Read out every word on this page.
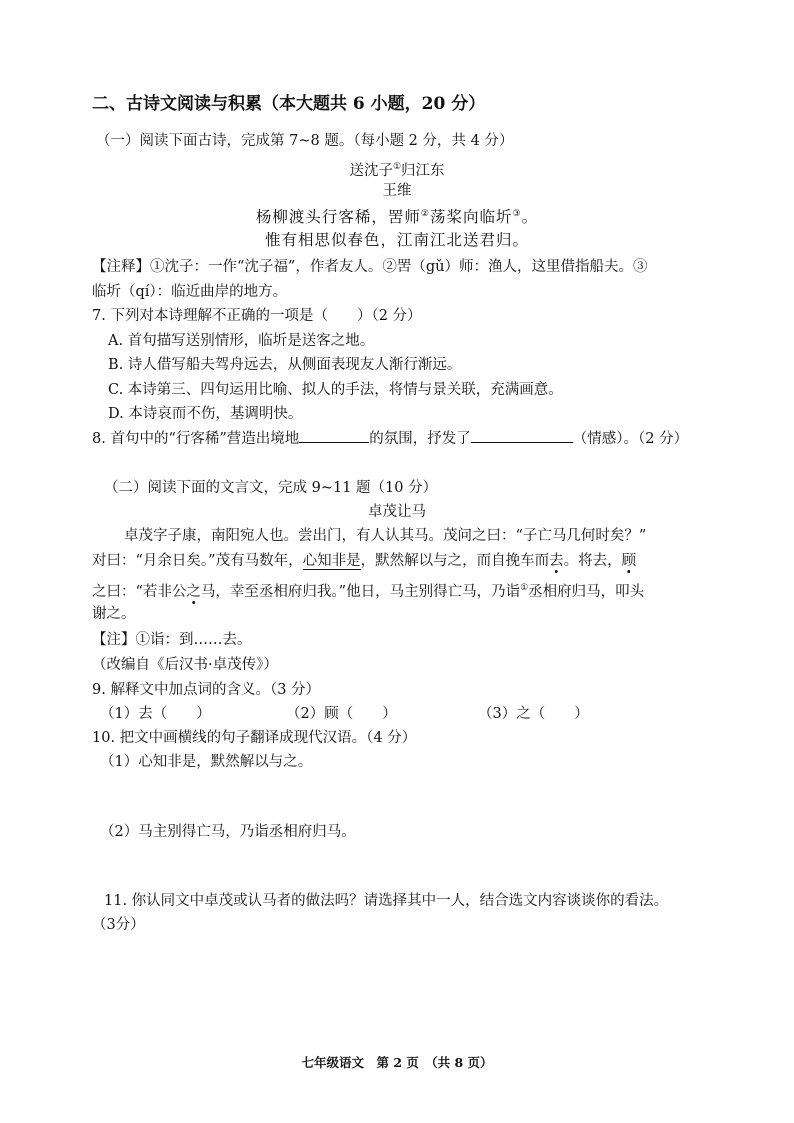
二、古诗文阅读与积累（本大题共 6 小题，20 分）
（一）阅读下面古诗，完成第 7~8 题。（每小题 2 分，共 4 分）
送沈子①归江东
王维
杨柳渡头行客稀，罟师②荡桨向临圻③。
惟有相思似春色，江南江北送君归。
【注释】①沈子：一作“沈子福”，作者友人。②罟（gǔ）师：渔人，这里借指船夫。③
临圻（qí）：临近曲岸的地方。
7. 下列对本诗理解不正确的一项是（　　）（2 分）
A. 首句描写送别情形，临圻是送客之地。
B. 诗人借写船夫驾舟远去，从侧面表现友人渐行渐远。
C. 本诗第三、四句运用比喻、拟人的手法，将情与景关联，充满画意。
D. 本诗哀而不伤，基调明快。
8. 首句中的“行客稀”营造出境地	的氛围，抒发了	（情感）。（2 分）
（二）阅读下面的文言文，完成 9~11 题（10 分）
卓茂让马
卓茂字子康，南阳宛人也。尝出门，有人认其马。茂问之曰：“子亡马几何时矣？”
对曰：“月余日矣。”茂有马数年，心知非是，默然解以与之，而自挽车而去。将去，顾
之曰：“若非公之马，幸至丞相府归我。”他日，马主别得亡马，乃诣①丞相府归马，叩头
谢之。
【注】①诣：到……去。
（改编自《后汉书·卓茂传》）
9. 解释文中加点词的含义。（3 分）
（1）去（　　）	（2）顾（　　）	（3）之（　　）
10. 把文中画横线的句子翻译成现代汉语。（4 分）
（1）心知非是，默然解以与之。
（2）马主别得亡马，乃诣丞相府归马。
11. 你认同文中卓茂或认马者的做法吗？请选择其中一人，结合选文内容谈谈你的看法。
（3分）
七年级语文　第 2 页　（共 8 页）
